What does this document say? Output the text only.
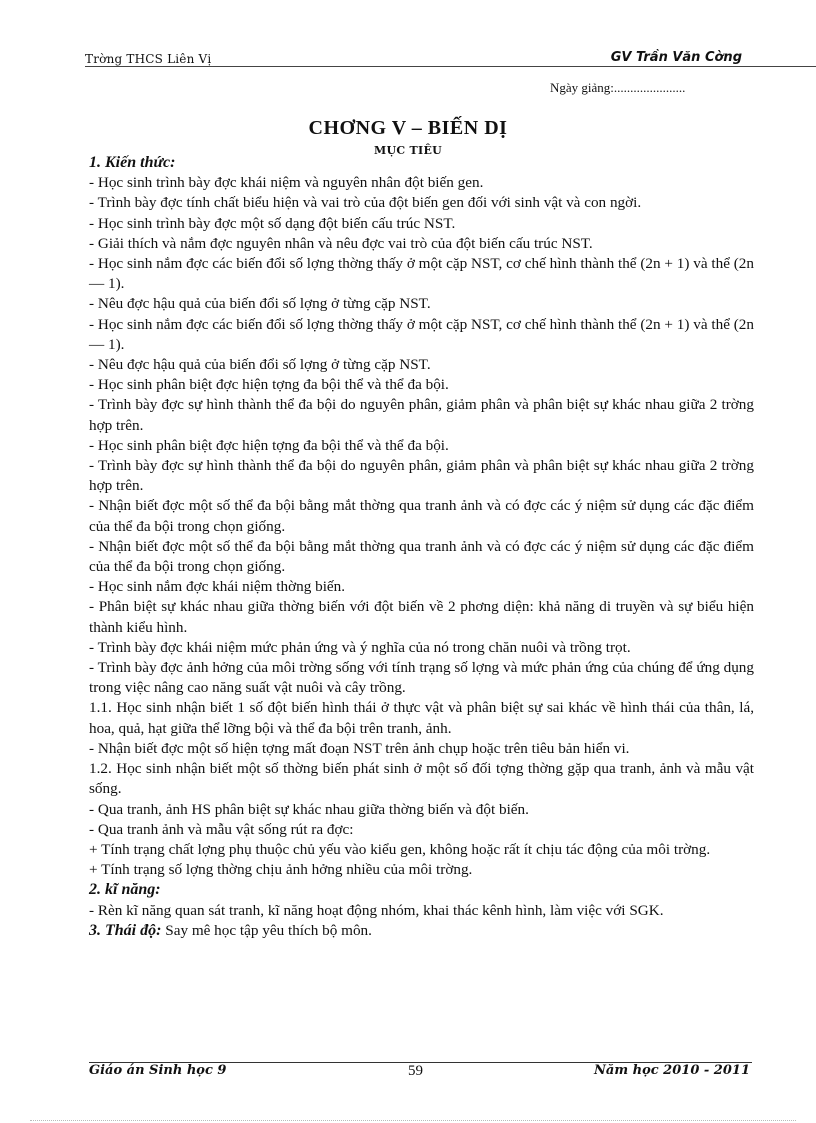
Trờng THCS Liên Vị	GV Trần Văn Cờng
Ngày giảng:......................
CHƠNG V – BIẾN DỊ
MỤC TIÊU

1. Kiến thức:

- Học sinh trình bày đợc khái niệm và nguyên nhân đột biến gen.

- Trình bày đợc tính chất biểu hiện và vai trò của đột biến gen đối với sinh vật và con ngời.

- Học sinh trình bày đợc một số dạng đột biến cấu trúc NST.

- Giải thích và nắm đợc nguyên nhân và nêu đợc vai trò của đột biến cấu trúc NST.

- Học sinh nắm đợc các biến đổi số lợng thờng thấy ở một cặp NST, cơ chế hình thành thể (2n + 1) và thể (2n — 1).

- Nêu đợc hậu quả của biến đổi số lợng ở từng cặp NST.

- Học sinh nắm đợc các biến đổi số lợng thờng thấy ở một cặp NST, cơ chế hình thành thể (2n + 1) và thể (2n — 1).

- Nêu đợc hậu quả của biến đổi số lợng ở từng cặp NST.

- Học sinh phân biệt đợc hiện tợng đa bội thể và thể đa bội.

- Trình bày đợc sự hình thành thể đa bội do nguyên phân, giảm phân và phân biệt sự khác nhau giữa 2 trờng hợp trên.

- Học sinh phân biệt đợc hiện tợng đa bội thể và thể đa bội.

- Trình bày đợc sự hình thành thể đa bội do nguyên phân, giảm phân và phân biệt sự khác nhau giữa 2 trờng hợp trên.

- Nhận biết đợc một số thể đa bội bằng mắt thờng qua tranh ảnh và có đợc các ý niệm sử dụng các đặc điểm của thể đa bội trong chọn giống.

- Nhận biết đợc một số thể đa bội bằng mắt thờng qua tranh ảnh và có đợc các ý niệm sử dụng các đặc điểm của thể đa bội trong chọn giống.

- Học sinh nắm đợc khái niệm thờng biến.

- Phân biệt sự khác nhau giữa thờng biến với đột biến về 2 phơng diện: khả năng di truyền và sự biểu hiện thành kiểu hình.

- Trình bày đợc khái niệm mức phản ứng và ý nghĩa của nó trong chăn nuôi và trồng trọt.

- Trình bày đợc ảnh hởng của môi trờng sống với tính trạng số lợng và mức phản ứng của chúng để ứng dụng trong việc nâng cao năng suất vật nuôi và cây trồng.

1.1. Học sinh nhận biết 1 số đột biến hình thái ở thực vật và phân biệt sự sai khác về hình thái của thân, lá, hoa, quả, hạt giữa thể lỡng bội và thể đa bội trên tranh, ảnh.

- Nhận biết đợc một số hiện tợng mất đoạn NST trên ảnh chụp hoặc trên tiêu bản hiển vi.

1.2. Học sinh nhận biết một số thờng biến phát sinh ở một số đối tợng thờng gặp qua tranh, ảnh và mẫu vật sống.

- Qua tranh, ảnh HS phân biệt sự khác nhau giữa thờng biến và đột biến.

- Qua tranh ảnh và mẫu vật sống rút ra đợc:

+ Tính trạng chất lợng phụ thuộc chủ yếu vào kiểu gen, không hoặc rất ít chịu tác động của môi trờng.

+ Tính trạng số lợng thờng chịu ảnh hởng nhiều của môi trờng.

2. kĩ năng:

- Rèn kĩ năng quan sát tranh, kĩ năng hoạt động nhóm, khai thác kênh hình, làm việc với SGK.

3. Thái độ: Say mê học tập yêu thích bộ môn.

Giáo án Sinh học 9	59	Năm học 2010 - 2011
